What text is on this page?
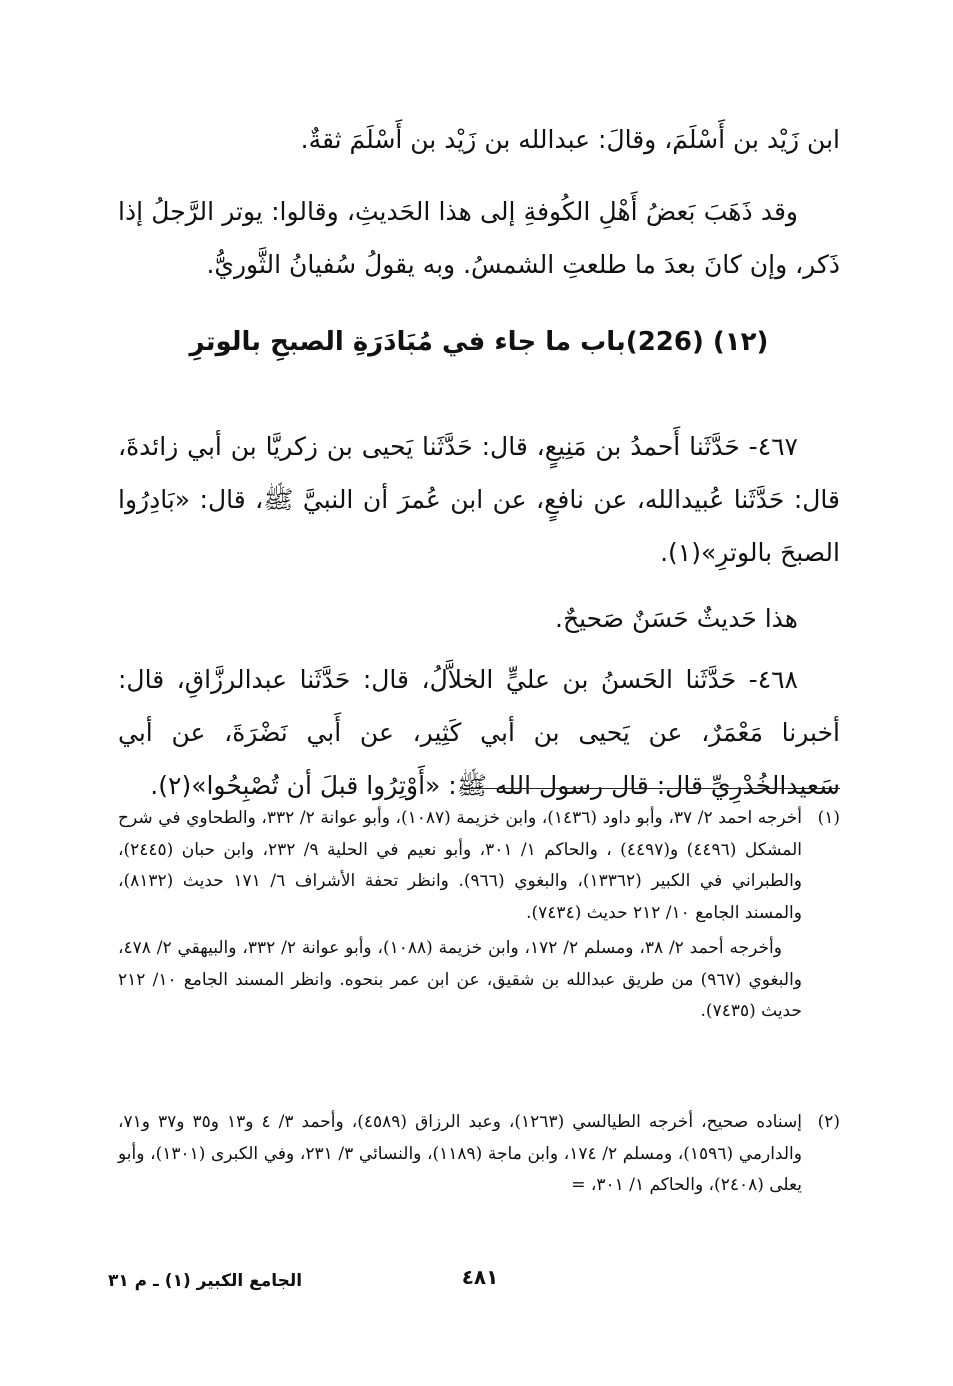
ابن زَيْد بن أَسْلَمَ، وقالَ: عبدالله بن زَيْد بن أَسْلَمَ ثقةٌ.

وقد ذَهَبَ بَعضُ أَهْلِ الكُوفةِ إلى هذا الحَديثِ، وقالوا: يوتر الرَّجلُ إذا ذَكر، وإن كانَ بعدَ ما طلعتِ الشمسُ. وبه يقولُ سُفيانُ الثَّوريُّ.

(١٢) (226)باب ما جاء في مُبَادَرَةِ الصبحِ بالوترِ

٤٦٧- حَدَّثَنا أَحمدُ بن مَنِيعٍ، قال: حَدَّثَنا يَحيى بن زكريَّا بن أبي زائدةَ، قال: حَدَّثَنا عُبيدالله، عن نافعٍ، عن ابن عُمرَ أن النبيَّ ﷺ، قال: «بَادِرُوا الصبحَ بالوترِ»(١).

هذا حَديثٌ حَسَنٌ صَحيحٌ.

٤٦٨- حَدَّثَنا الحَسنُ بن عليٍّ الخلاَّلُ، قال: حَدَّثَنا عبدالرزَّاقِ، قال: أخبرنا مَعْمَرٌ، عن يَحيى بن أبي كَثِير، عن أَبي نَضْرَةَ، عن أبي سَعيدالخُدْرِيِّ قال: قال رسول الله ﷺ: «أَوْتِرُوا قبلَ أن تُصْبِحُوا»(٢).

(١)

أخرجه احمد ٢/ ٣٧، وأبو داود (١٤٣٦)، وابن خزيمة (١٠٨٧)، وأبو عوانة ٢/ ٣٣٢، والطحاوي في شرح المشكل (٤٤٩٦) و(٤٤٩٧) ، والحاكم ١/ ٣٠١، وأبو نعيم في الحلية ٩/ ٢٣٢، وابن حبان (٢٤٤٥)، والطبراني في الكبير (١٣٣٦٢)، والبغوي (٩٦٦). وانظر تحفة الأشراف ٦/ ١٧١ حديث (٨١٣٢)، والمسند الجامع ١٠/ ٢١٢ حديث (٧٤٣٤).

وأخرجه أحمد ٢/ ٣٨، ومسلم ٢/ ١٧٢، وابن خزيمة (١٠٨٨)، وأبو عوانة ٢/ ٣٣٢، والبيهقي ٢/ ٤٧٨، والبغوي (٩٦٧) من طريق عبدالله بن شقيق، عن ابن عمر بنحوه. وانظر المسند الجامع ١٠/ ٢١٢ حديث (٧٤٣٥).

(٢)

إسناده صحيح، أخرجه الطيالسي (١٢٦٣)، وعبد الرزاق (٤٥٨٩)، وأحمد ٣/ ٤ و١٣ و٣٥ و٣٧ و٧١، والدارمي (١٥٩٦)، ومسلم ٢/ ١٧٤، وابن ماجة (١١٨٩)، والنسائي ٣/ ٢٣١، وفي الكبرى (١٣٠١)، وأبو يعلى (٢٤٠٨)، والحاكم ١/ ٣٠١، =

٤٨١
الجامع الكبير (١) ـ م ٣١
